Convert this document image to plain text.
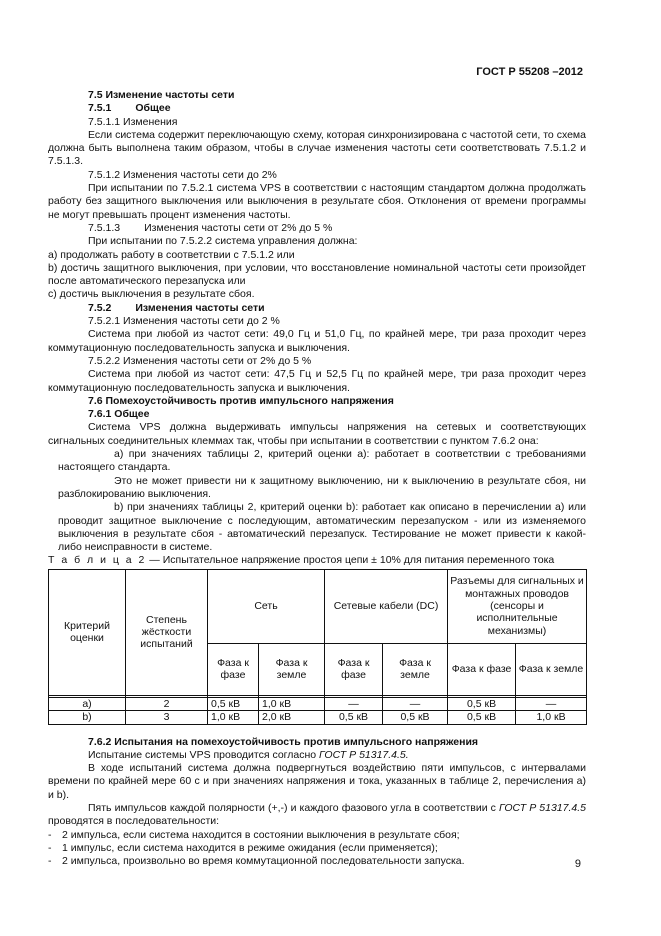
ГОСТ Р 55208 –2012

7.5 Изменение частоты сети

7.5.1 Общее

7.5.1.1 Изменения

Если система содержит переключающую схему, которая синхронизирована с частотой сети, то схема должна быть выполнена таким образом, чтобы в случае изменения частоты сети соответствовать 7.5.1.2 и 7.5.1.3.

7.5.1.2 Изменения частоты сети до 2%

При испытании по 7.5.2.1 система VPS в соответствии с настоящим стандартом должна продолжать работу без защитного выключения или выключения в результате сбоя. Отклонения от времени программы не могут превышать процент изменения частоты.

7.5.1.3 Изменения частоты сети от 2% до 5 %

При испытании по 7.5.2.2 система управления должна:

а) продолжать работу в соответствии с 7.5.1.2 или

b) достичь защитного выключения, при условии, что восстановление номинальной частоты сети произойдет после автоматического перезапуска или

с) достичь выключения в результате сбоя.

7.5.2 Изменения частоты сети

7.5.2.1 Изменения частоты сети до 2 %

Система при любой из частот сети: 49,0 Гц и 51,0 Гц, по крайней мере, три раза проходит через коммутационную последовательность запуска и выключения.

7.5.2.2 Изменения частоты сети от 2% до 5 %

Система при любой из частот сети: 47,5 Гц и 52,5 Гц по крайней мере, три раза проходит через коммутационную последовательность запуска и выключения.

7.6 Помехоустойчивость против импульсного напряжения

7.6.1 Общее

Система VPS должна выдерживать импульсы напряжения на сетевых и соответствующих сигнальных соединительных клеммах так, чтобы при испытании в соответствии с пунктом 7.6.2 она:

а) при значениях таблицы 2, критерий оценки а): работает в соответствии с требованиями настоящего стандарта.

Это не может привести ни к защитному выключению, ни к выключению в результате сбоя, ни разблокированию выключения.

b) при значениях таблицы 2, критерий оценки b): работает как описано в перечислении а) или проводит защитное выключение с последующим, автоматическим перезапуском - или из изменяемого выключения в результате сбоя - автоматический перезапуск. Тестирование не может привести к какой-либо неисправности в системе.

Т а б л и ц а 2 — Испытательное напряжение простоя цепи ± 10% для питания переменного тока

Критерий оценки	Степень жёсткости испытаний	Сеть		Сетевые кабели (DC)		Разъемы для сигнальных и монтажных проводов (сенсоры и исполнительные механизмы)	
		Фаза к фазе	Фаза к земле	Фаза к фазе	Фаза к земле	Фаза к фазе	Фаза к земле

а)	2	0,5 кВ	1,0 кВ	—	—	0,5 кВ	—
b)	3	1,0 кВ	2,0 кВ	0,5 кВ	0,5 кВ	0,5 кВ	1,0 кВ

7.6.2 Испытания на помехоустойчивость против импульсного напряжения

Испытание системы VPS проводится согласно ГОСТ Р 51317.4.5.

В ходе испытаний система должна подвергнуться воздействию пяти импульсов, с интервалами времени по крайней мере 60 с и при значениях напряжения и тока, указанных в таблице 2, перечисления а) и b).

Пять импульсов каждой полярности (+,-) и каждого фазового угла в соответствии с ГОСТ Р 51317.4.5 проводятся в последовательности:

- 2 импульса, если система находится в состоянии выключения в результате сбоя;

- 1 импульс, если система находится в режиме ожидания (если применяется);

- 2 импульса, произвольно во время коммутационной последовательности запуска.	9
